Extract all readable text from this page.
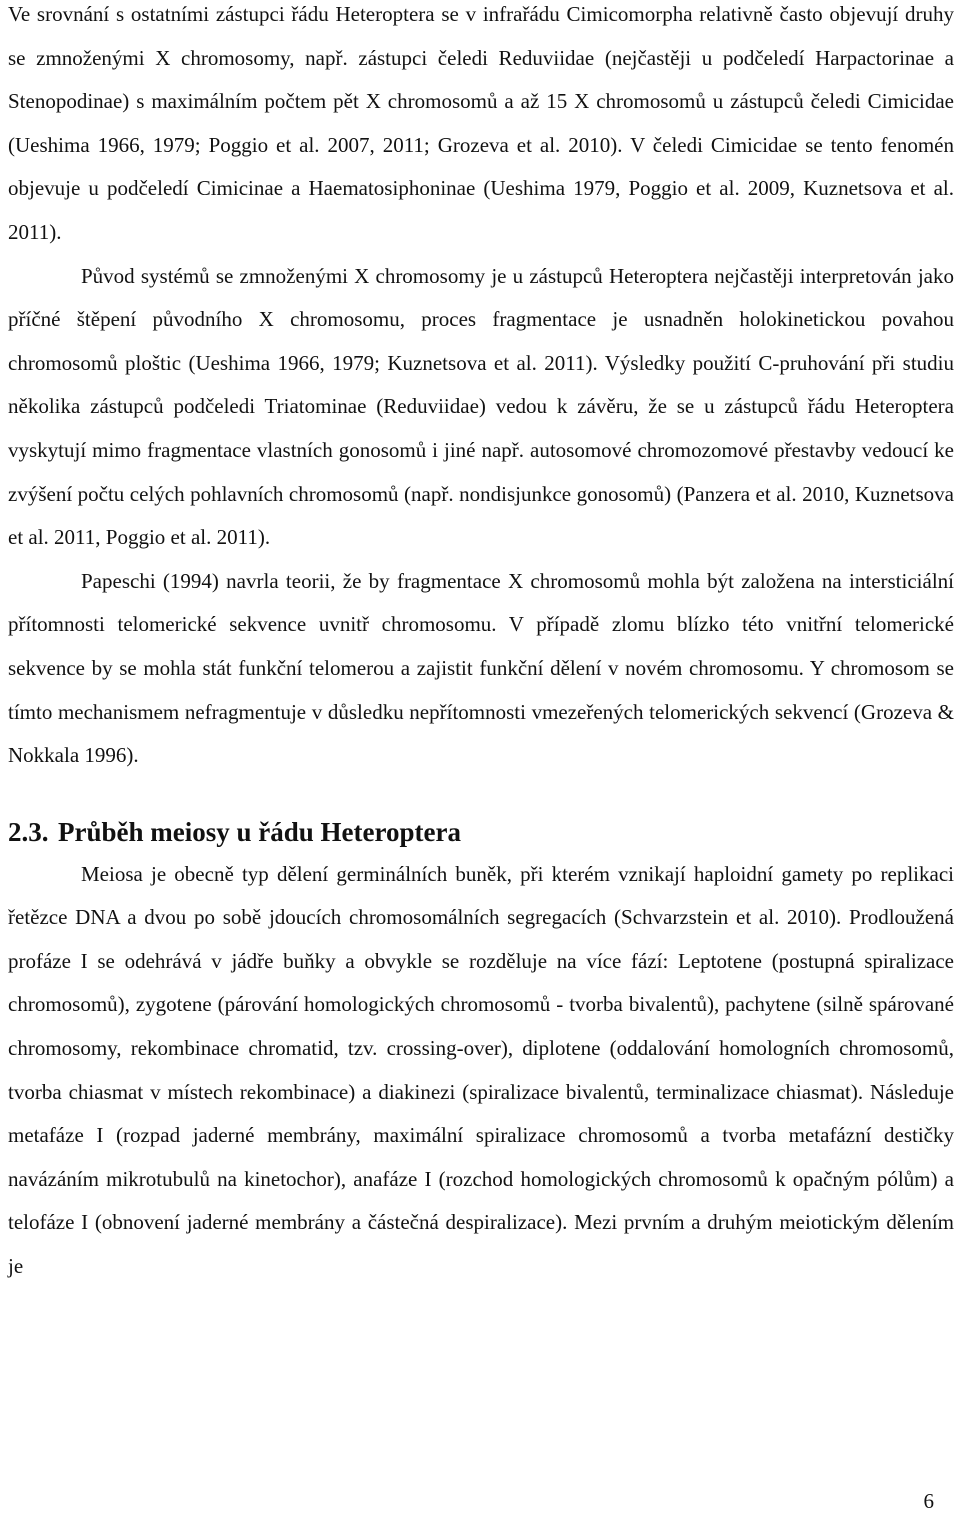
Ve srovnání s ostatními zástupci řádu Heteroptera se v infrařádu Cimicomorpha relativně často objevují druhy se zmnoženými X chromosomy, např. zástupci čeledi Reduviidae (nejčastěji u podčeledí Harpactorinae a Stenopodinae) s maximálním počtem pět X chromosomů a až 15 X chromosomů u zástupců čeledi Cimicidae (Ueshima 1966, 1979; Poggio et al. 2007, 2011; Grozeva et al. 2010). V čeledi Cimicidae se tento fenomén objevuje u podčeledí Cimicinae a Haematosiphoninae (Ueshima 1979, Poggio et al. 2009, Kuznetsova et al. 2011).

Původ systémů se zmnoženými X chromosomy je u zástupců Heteroptera nejčastěji interpretován jako příčné štěpení původního X chromosomu, proces fragmentace je usnadněn holokinetickou povahou chromosomů ploštic (Ueshima 1966, 1979; Kuznetsova et al. 2011). Výsledky použití C-pruhování při studiu několika zástupců podčeledi Triatominae (Reduviidae) vedou k závěru, že se u zástupců řádu Heteroptera vyskytují mimo fragmentace vlastních gonosomů i jiné např. autosomové chromozomové přestavby vedoucí ke zvýšení počtu celých pohlavních chromosomů (např. nondisjunkce gonosomů) (Panzera et al. 2010, Kuznetsova et al. 2011, Poggio et al. 2011).

Papeschi (1994) navrla teorii, že by fragmentace X chromosomů mohla být založena na intersticiální přítomnosti telomerické sekvence uvnitř chromosomu. V případě zlomu blízko této vnitřní telomerické sekvence by se mohla stát funkční telomerou a zajistit funkční dělení v novém chromosomu. Y chromosom se tímto mechanismem nefragmentuje v důsledku nepřítomnosti vmezeřených telomerických sekvencí (Grozeva & Nokkala 1996).

2.3. Průběh meiosy u řádu Heteroptera

Meiosa je obecně typ dělení germinálních buněk, při kterém vznikají haploidní gamety po replikaci řetězce DNA a dvou po sobě jdoucích chromosomálních segregacích (Schvarzstein et al. 2010). Prodloužená profáze I se odehrává v jádře buňky a obvykle se rozděluje na více fází: Leptotene (postupná spiralizace chromosomů), zygotene (párování homologických chromosomů - tvorba bivalentů), pachytene (silně spárované chromosomy, rekombinace chromatid, tzv. crossing-over), diplotene (oddalování homologních chromosomů, tvorba chiasmat v místech rekombinace) a diakinezi (spiralizace bivalentů, terminalizace chiasmat). Následuje metafáze I (rozpad jaderné membrány, maximální spiralizace chromosomů a tvorba metafázní destičky navázáním mikrotubulů na kinetochor), anafáze I (rozchod homologických chromosomů k opačným pólům) a telofáze I (obnovení jaderné membrány a částečná despiralizace). Mezi prvním a druhým meiotickým dělením je

6
